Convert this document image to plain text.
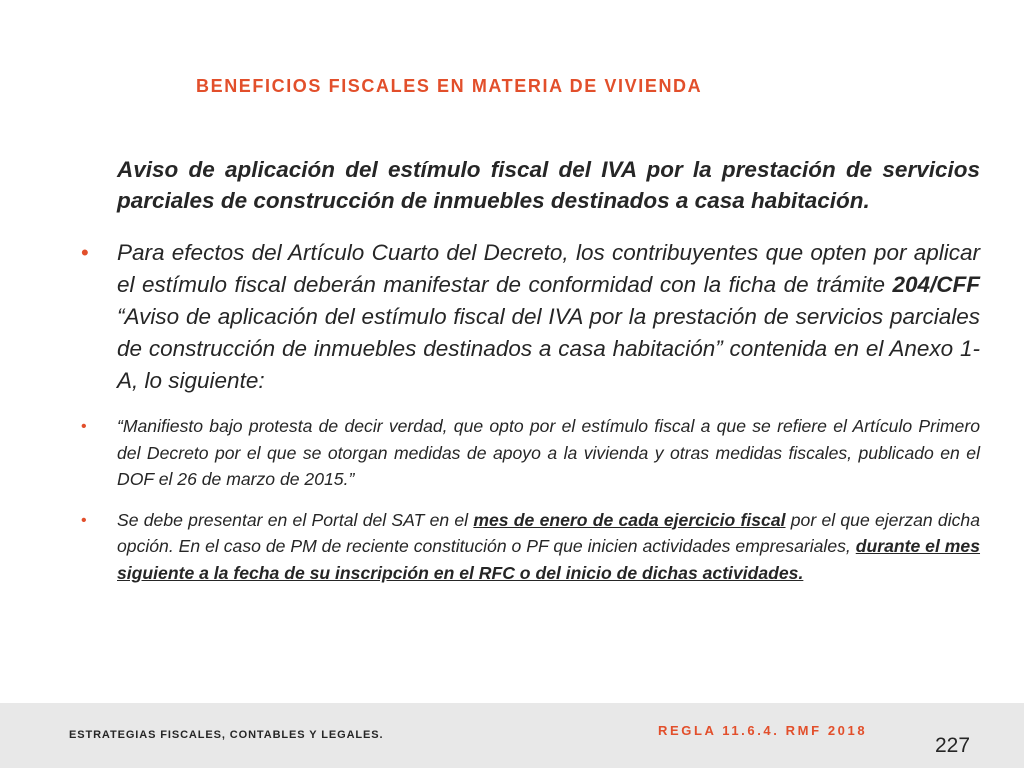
BENEFICIOS FISCALES EN MATERIA DE VIVIENDA

Aviso de aplicación del estímulo fiscal del IVA por la prestación de servicios parciales de construcción de inmuebles destinados a casa habitación.

• Para efectos del Artículo Cuarto del Decreto, los contribuyentes que opten por aplicar el estímulo fiscal deberán manifestar de conformidad con la ficha de trámite 204/CFF “Aviso de aplicación del estímulo fiscal del IVA por la prestación de servicios parciales de construcción de inmuebles destinados a casa habitación” contenida en el Anexo 1-A, lo siguiente:
• “Manifiesto bajo protesta de decir verdad, que opto por el estímulo fiscal a que se refiere el Artículo Primero del Decreto por el que se otorgan medidas de apoyo a la vivienda y otras medidas fiscales, publicado en el DOF el 26 de marzo de 2015.”
• Se debe presentar en el Portal del SAT en el mes de enero de cada ejercicio fiscal por el que ejerzan dicha opción. En el caso de PM de reciente constitución o PF que inicien actividades empresariales, durante el mes siguiente a la fecha de su inscripción en el RFC o del inicio de dichas actividades.
ESTRATEGIAS FISCALES, CONTABLES Y LEGALES.	REGLA 11.6.4. RMF 2018
227
